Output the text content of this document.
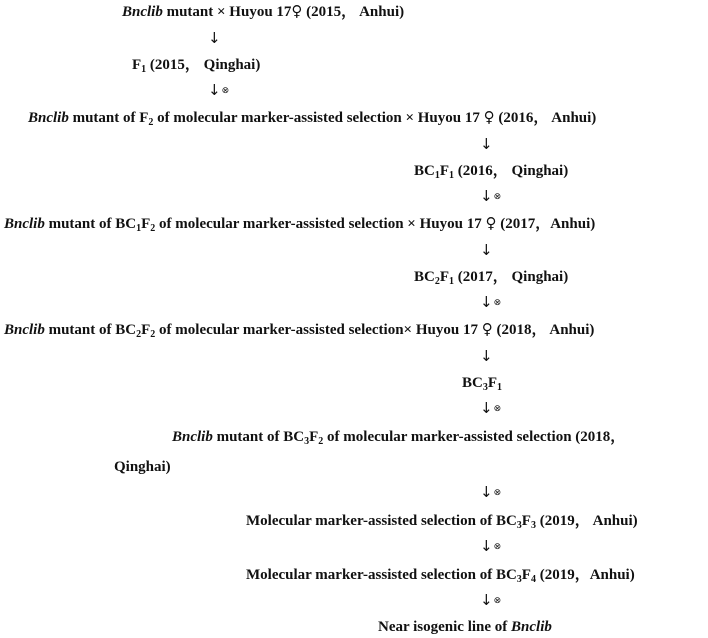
Bnclib mutant × Huyou 17♀ (2015， Anhui)
↓
$F_1$ (2015， Qinghai)
↓⊗
Bnclib mutant of $F_2$ of molecular marker-assisted selection × Huyou 17 ♀ (2016， Anhui)
↓
$BC_1F_1$ (2016， Qinghai)
↓⊗
Bnclib mutant of $BC_1F_2$ of molecular marker-assisted selection × Huyou 17 ♀ (2017，Anhui)
↓
$BC_2F_1$ (2017， Qinghai)
↓⊗
Bnclib mutant of $BC_2F_2$ of molecular marker-assisted selection× Huyou 17 ♀ (2018， Anhui)
↓
$BC_3F_1$
↓⊗
Bnclib mutant of $BC_3F_2$ of molecular marker-assisted selection (2018，
Qinghai)
↓⊗
Molecular marker-assisted selection of $BC_3F_3$ (2019， Anhui)
↓⊗
Molecular marker-assisted selection of $BC_3F_4$ (2019，Anhui)
↓⊗
Near isogenic line of Bnclib
